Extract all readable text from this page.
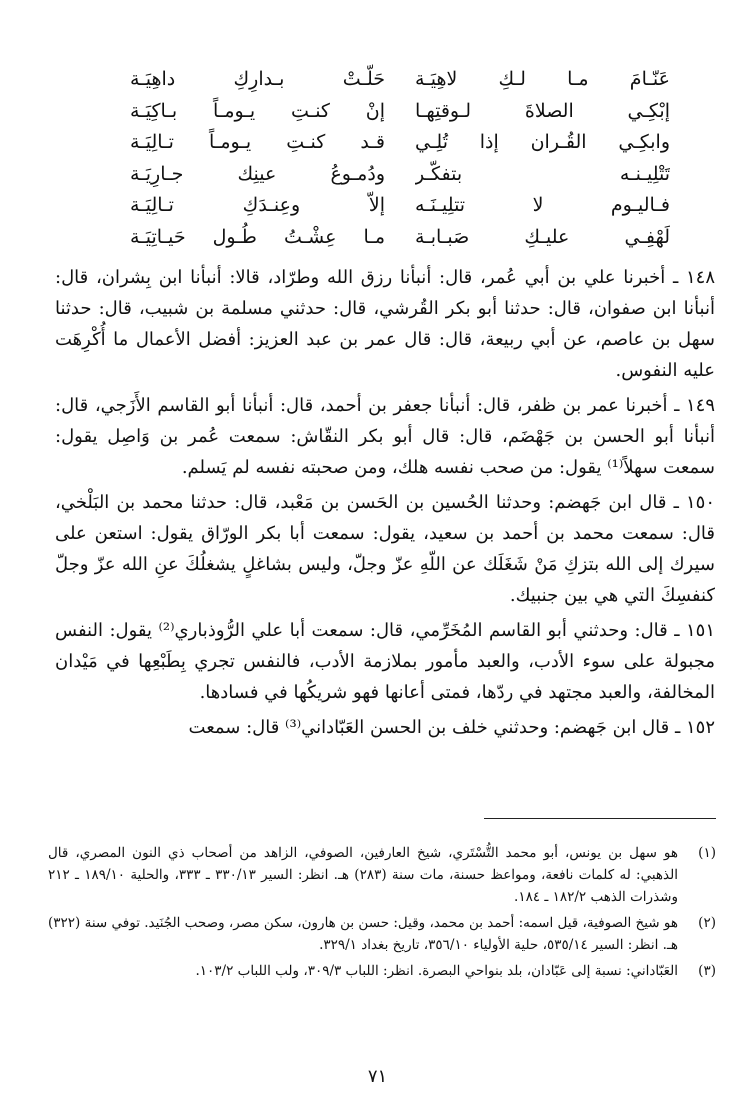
عَنّـامَ مـا لـكِ لاهِيَـة
حَلّـتْ بـدارِكِ داهِيَـة
إبْكِـي الصلاةَ لـوقتِهـا
إنْ كنـتِ يـومـاً بـاكِيَـة
وابكِـي القُـران إذا تُلِـي
قـد كنـتِ يـومـاً تـالِيَـة
تَتْلِيـنـه بتفكّـر
ودُمـوعُ عينِك جـارِيَـة
فـاليـوم لا تتلِيـنَـه
إلاّ وعِنـدَكِ تـالِيَـة
لَهْفِـي عليـكِ صَبـابـة
مـا عِشْـتُ طُـول حَيـاتِيَـة

١٤٨ ـ أخبرنا علي بن أبي عُمر، قال: أنبأنا رزق الله وطرّاد، قالا: أنبأنا ابن بِشران، قال: أنبأنا ابن صفوان، قال: حدثنا أبو بكر القُرشي، قال: حدثني مسلمة بن شبيب، قال: حدثنا سهل بن عاصم، عن أبي ربيعة، قال: قال عمر بن عبد العزيز: أفضل الأعمال ما أُكْرِهَت عليه النفوس.

١٤٩ ـ أخبرنا عمر بن ظفر، قال: أنبأنا جعفر بن أحمد، قال: أنبأنا أبو القاسم الأَزَجي، قال: أنبأنا أبو الحسن بن جَهْضَم، قال: قال أبو بكر النقّاش: سمعت عُمر بن وَاصِل يقول: سمعت سهلاً⁽¹⁾ يقول: من صحب نفسه هلك، ومن صحبته نفسه لم يَسلم.

١٥٠ ـ قال ابن جَهضم: وحدثنا الحُسين بن الحَسن بن مَعْبد، قال: حدثنا محمد بن البَلْخي، قال: سمعت محمد بن أحمد بن سعيد، يقول: سمعت أبا بكر الورّاق يقول: استعن على سيرك إلى الله بتزكِ مَنْ شَغَلَك عن اللّهِ عزّ وجلّ، وليس بشاغلٍ يشغلُكَ عنِ الله عزّ وجلّ كنفسِكَ التي هي بين جنبيك.

١٥١ ـ قال: وحدثني أبو القاسم المُخَرِّمي، قال: سمعت أبا علي الرُّوذباري⁽²⁾ يقول: النفس مجبولة على سوء الأدب، والعبد مأمور بملازمة الأدب، فالنفس تجري بِطَبْعِها في مَيْدان المخالفة، والعبد مجتهد في ردّها، فمتى أعانها فهو شريكُها في فسادها.

١٥٢ ـ قال ابن جَهضم: وحدثني خلف بن الحسن العَبّاداني⁽³⁾ قال: سمعت

(١)
هو سهل بن يونس، أبو محمد التُّسْتَري، شيخ العارفين، الصوفي، الزاهد من أصحاب ذي النون المصري، قال الذهبي: له كلمات نافعة، ومواعظ حسنة، مات سنة (٢٨٣) هـ. انظر: السير ٣٣٠/١٣ ـ ٣٣٣، والحلية ١٨٩/١٠ ـ ٢١٢ وشذرات الذهب ١٨٢/٢ ـ ١٨٤.
(٢)
هو شيخ الصوفية، قيل اسمه: أحمد بن محمد، وقيل: حسن بن هارون، سكن مصر، وصحب الجُنَيد. توفي سنة (٣٢٢) هـ. انظر: السير ٥٣٥/١٤، حلية الأولياء ٣٥٦/١٠، تاريخ بغداد ٣٢٩/١.
(٣)
العَبّاداني: نسبة إلى عَبّادان، بلد بنواحي البصرة. انظر: اللباب ٣٠٩/٣، ولب اللباب ١٠٣/٢.
٧١
